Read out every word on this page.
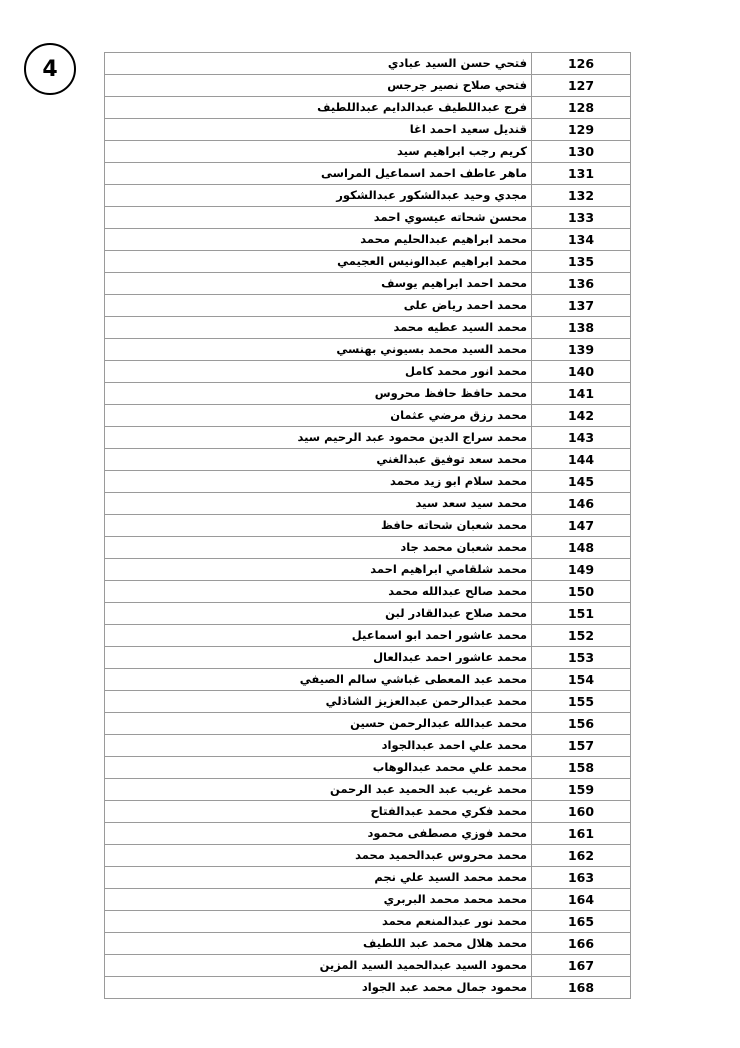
4	فتحي حسن السيد عبادي	126
فتحي صلاح نصير جرجس	127
فرج عبداللطيف عبدالدايم عبداللطيف	128
قنديل سعيد احمد اغا	129
كريم رجب ابراهيم سيد	130
ماهر عاطف احمد اسماعيل المراسى	131
مجدي وحيد عبدالشكور عبدالشكور	132
محسن شحاته عيسوي احمد	133
محمد ابراهيم عبدالحليم محمد	134
محمد ابراهيم عبدالونيس العجيمي	135
محمد احمد ابراهيم يوسف	136
محمد احمد رياض على	137
محمد السيد عطيه محمد	138
محمد السيد محمد بسيوني بهنسي	139
محمد انور محمد كامل	140
محمد حافظ حافظ محروس	141
محمد رزق مرضي عثمان	142
محمد سراج الدين محمود عبد الرحيم سيد	143
محمد سعد توفيق عبدالغني	144
محمد سلام ابو زيد محمد	145
محمد سيد سعد سيد	146
محمد شعبان شحاته حافظ	147
محمد شعبان محمد جاد	148
محمد شلقامي ابراهيم احمد	149
محمد صالح عبدالله محمد	150
محمد صلاح عبدالقادر لبن	151
محمد عاشور احمد ابو اسماعيل	152
محمد عاشور احمد عبدالعال	153
محمد عبد المعطى غباشي سالم الصيفي	154
محمد عبدالرحمن عبدالعزيز الشاذلي	155
محمد عبدالله عبدالرحمن حسين	156
محمد علي احمد عبدالجواد	157
محمد علي محمد عبدالوهاب	158
محمد غريب عبد الحميد عبد الرحمن	159
محمد فكري محمد عبدالفتاح	160
محمد فوزي مصطفى محمود	161
محمد محروس عبدالحميد محمد	162
محمد محمد السيد علي نجم	163
محمد محمد محمد البربري	164
محمد نور عبدالمنعم محمد	165
محمد هلال محمد عبد اللطيف	166
محمود السيد عبدالحميد السيد المزين	167
محمود جمال محمد عبد الجواد	168
